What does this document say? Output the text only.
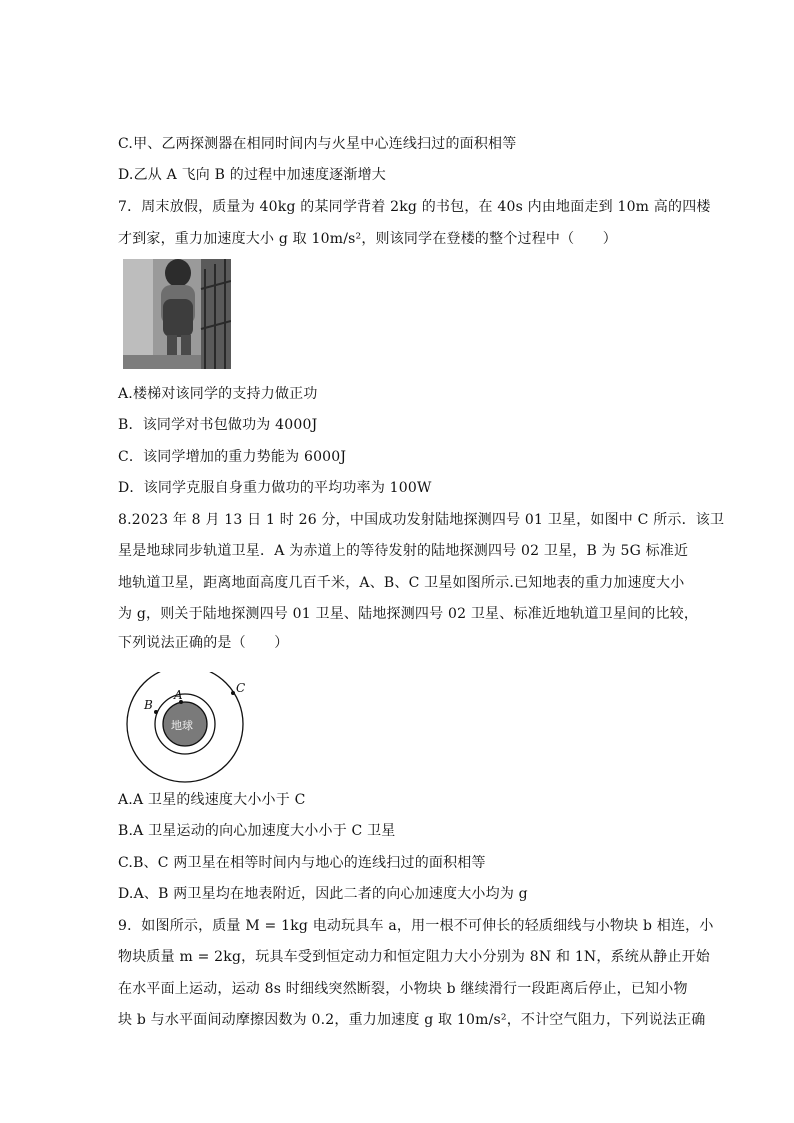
C.甲、乙两探测器在相同时间内与火星中心连线扫过的面积相等
D.乙从 A 飞向 B 的过程中加速度逐渐增大
7．周末放假，质量为 40kg 的某同学背着 2kg 的书包，在 40s 内由地面走到 10m 高的四楼
才到家，重力加速度大小 g 取 10m/s²，则该同学在登楼的整个过程中（　　）
A.楼梯对该同学的支持力做正功
B．该同学对书包做功为 4000J
C．该同学增加的重力势能为 6000J
D．该同学克服自身重力做功的平均功率为 100W
8.2023 年 8 月 13 日 1 时 26 分，中国成功发射陆地探测四号 01 卫星，如图中 C 所示．该卫
星是地球同步轨道卫星．A 为赤道上的等待发射的陆地探测四号 02 卫星，B 为 5G 标准近
地轨道卫星，距离地面高度几百千米，A、B、C 卫星如图所示.已知地表的重力加速度大小
为 g，则关于陆地探测四号 01 卫星、陆地探测四号 02 卫星、标准近地轨道卫星间的比较，
下列说法正确的是（　　）
地球
B
A	C
A.A 卫星的线速度大小小于 C
B.A 卫星运动的向心加速度大小小于 C 卫星
C.B、C 两卫星在相等时间内与地心的连线扫过的面积相等
D.A、B 两卫星均在地表附近，因此二者的向心加速度大小均为 g
9．如图所示，质量 M = 1kg 电动玩具车 a，用一根不可伸长的轻质细线与小物块 b 相连，小
物块质量 m = 2kg，玩具车受到恒定动力和恒定阻力大小分别为 8N 和 1N，系统从静止开始
在水平面上运动，运动 8s 时细线突然断裂，小物块 b 继续滑行一段距离后停止，已知小物
块 b 与水平面间动摩擦因数为 0.2，重力加速度 g 取 10m/s²，不计空气阻力，下列说法正确
